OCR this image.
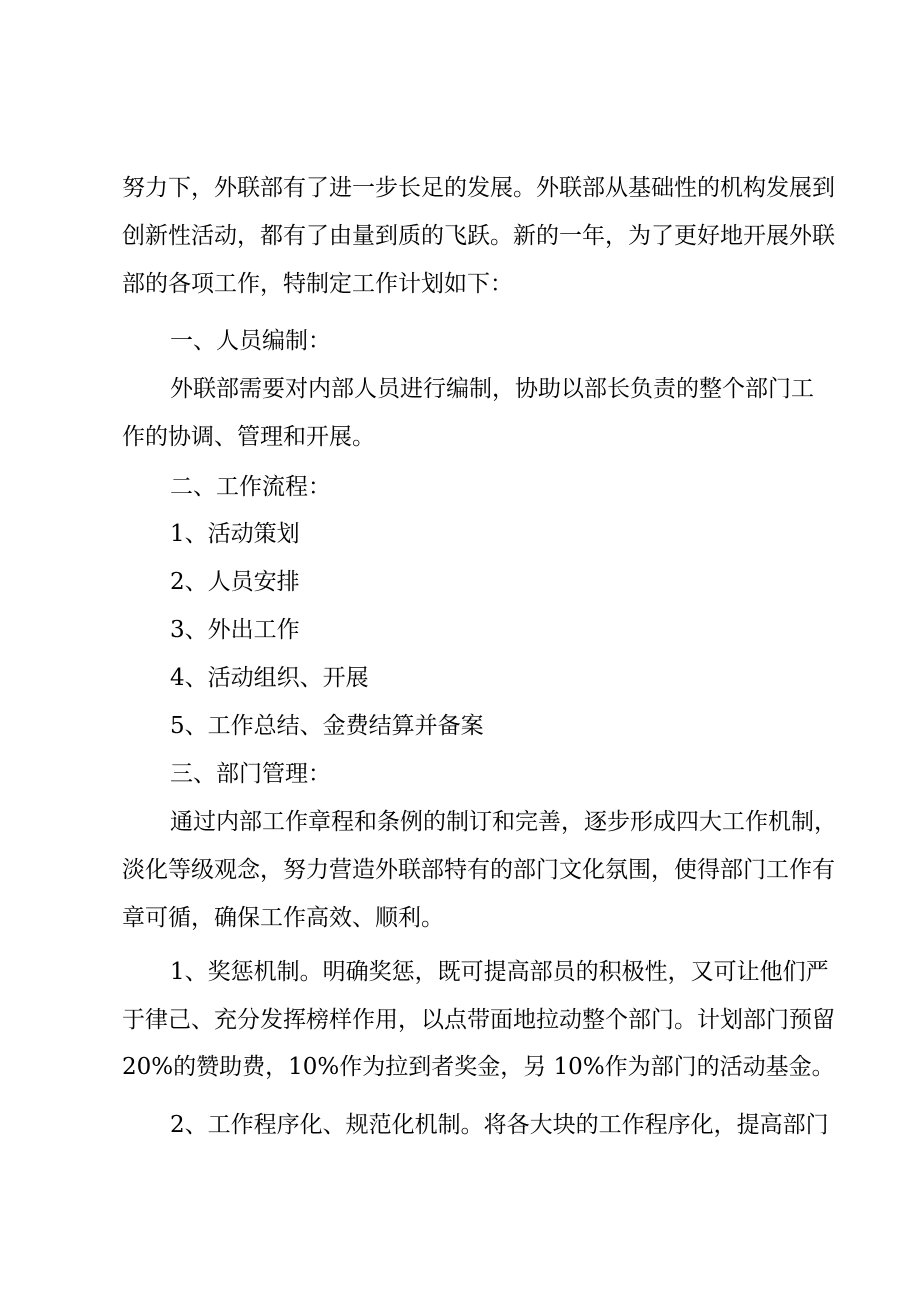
努力下，外联部有了进一步长足的发展。外联部从基础性的机构发展到
创新性活动，都有了由量到质的飞跃。新的一年，为了更好地开展外联
部的各项工作，特制定工作计划如下：
一、人员编制：
外联部需要对内部人员进行编制，协助以部长负责的整个部门工
作的协调、管理和开展。
二、工作流程：
1、活动策划
2、人员安排
3、外出工作
4、活动组织、开展
5、工作总结、金费结算并备案
三、部门管理：
通过内部工作章程和条例的制订和完善，逐步形成四大工作机制，
淡化等级观念，努力营造外联部特有的部门文化氛围，使得部门工作有
章可循，确保工作高效、顺利。
1、奖惩机制。明确奖惩，既可提高部员的积极性，又可让他们严
于律己、充分发挥榜样作用，以点带面地拉动整个部门。计划部门预留
20%的赞助费，10%作为拉到者奖金，另 10%作为部门的活动基金。
2、工作程序化、规范化机制。将各大块的工作程序化，提高部门
